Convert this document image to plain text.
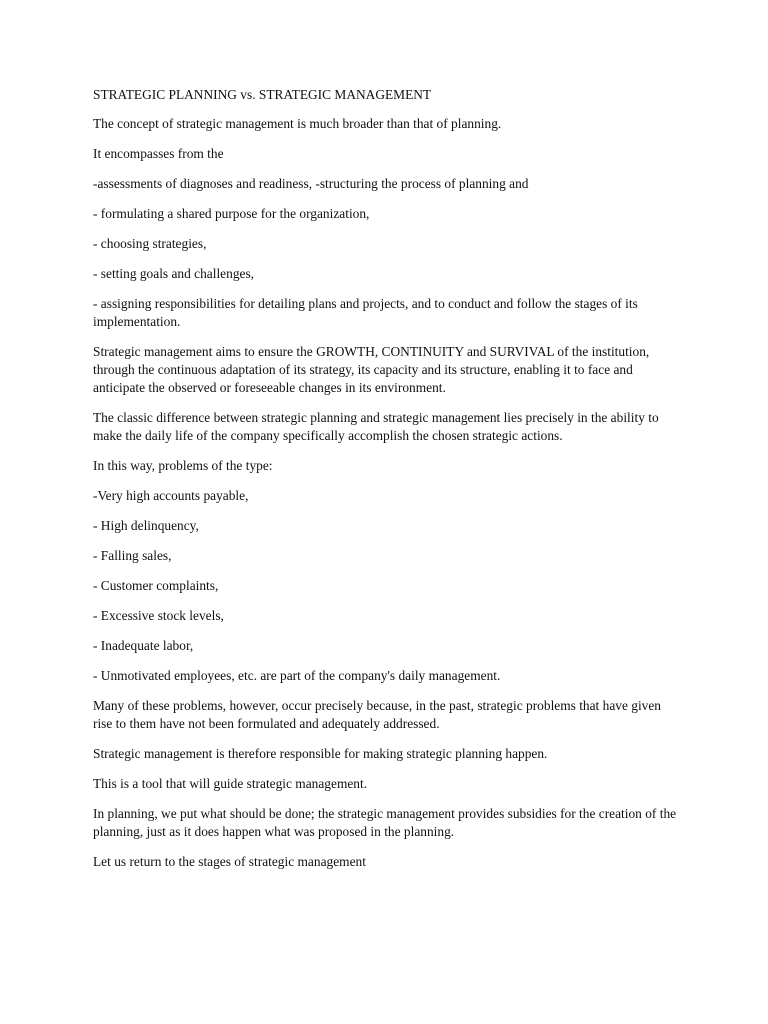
STRATEGIC PLANNING vs. STRATEGIC MANAGEMENT

The concept of strategic management is much broader than that of planning.

It encompasses from the

-assessments of diagnoses and readiness, -structuring the process of planning and

- formulating a shared purpose for the organization,

- choosing strategies,

- setting goals and challenges,

- assigning responsibilities for detailing plans and projects, and to conduct and follow the stages of its implementation.

Strategic management aims to ensure the GROWTH, CONTINUITY and SURVIVAL of the institution, through the continuous adaptation of its strategy, its capacity and its structure, enabling it to face and anticipate the observed or foreseeable changes in its environment.

The classic difference between strategic planning and strategic management lies precisely in the ability to make the daily life of the company specifically accomplish the chosen strategic actions.

In this way, problems of the type:

-Very high accounts payable,

- High delinquency,

- Falling sales,

- Customer complaints,

- Excessive stock levels,

- Inadequate labor,

- Unmotivated employees, etc. are part of the company's daily management.

Many of these problems, however, occur precisely because, in the past, strategic problems that have given rise to them have not been formulated and adequately addressed.

Strategic management is therefore responsible for making strategic planning happen.

This is a tool that will guide strategic management.

In planning, we put what should be done; the strategic management provides subsidies for the creation of the planning, just as it does happen what was proposed in the planning.

Let us return to the stages of strategic management
